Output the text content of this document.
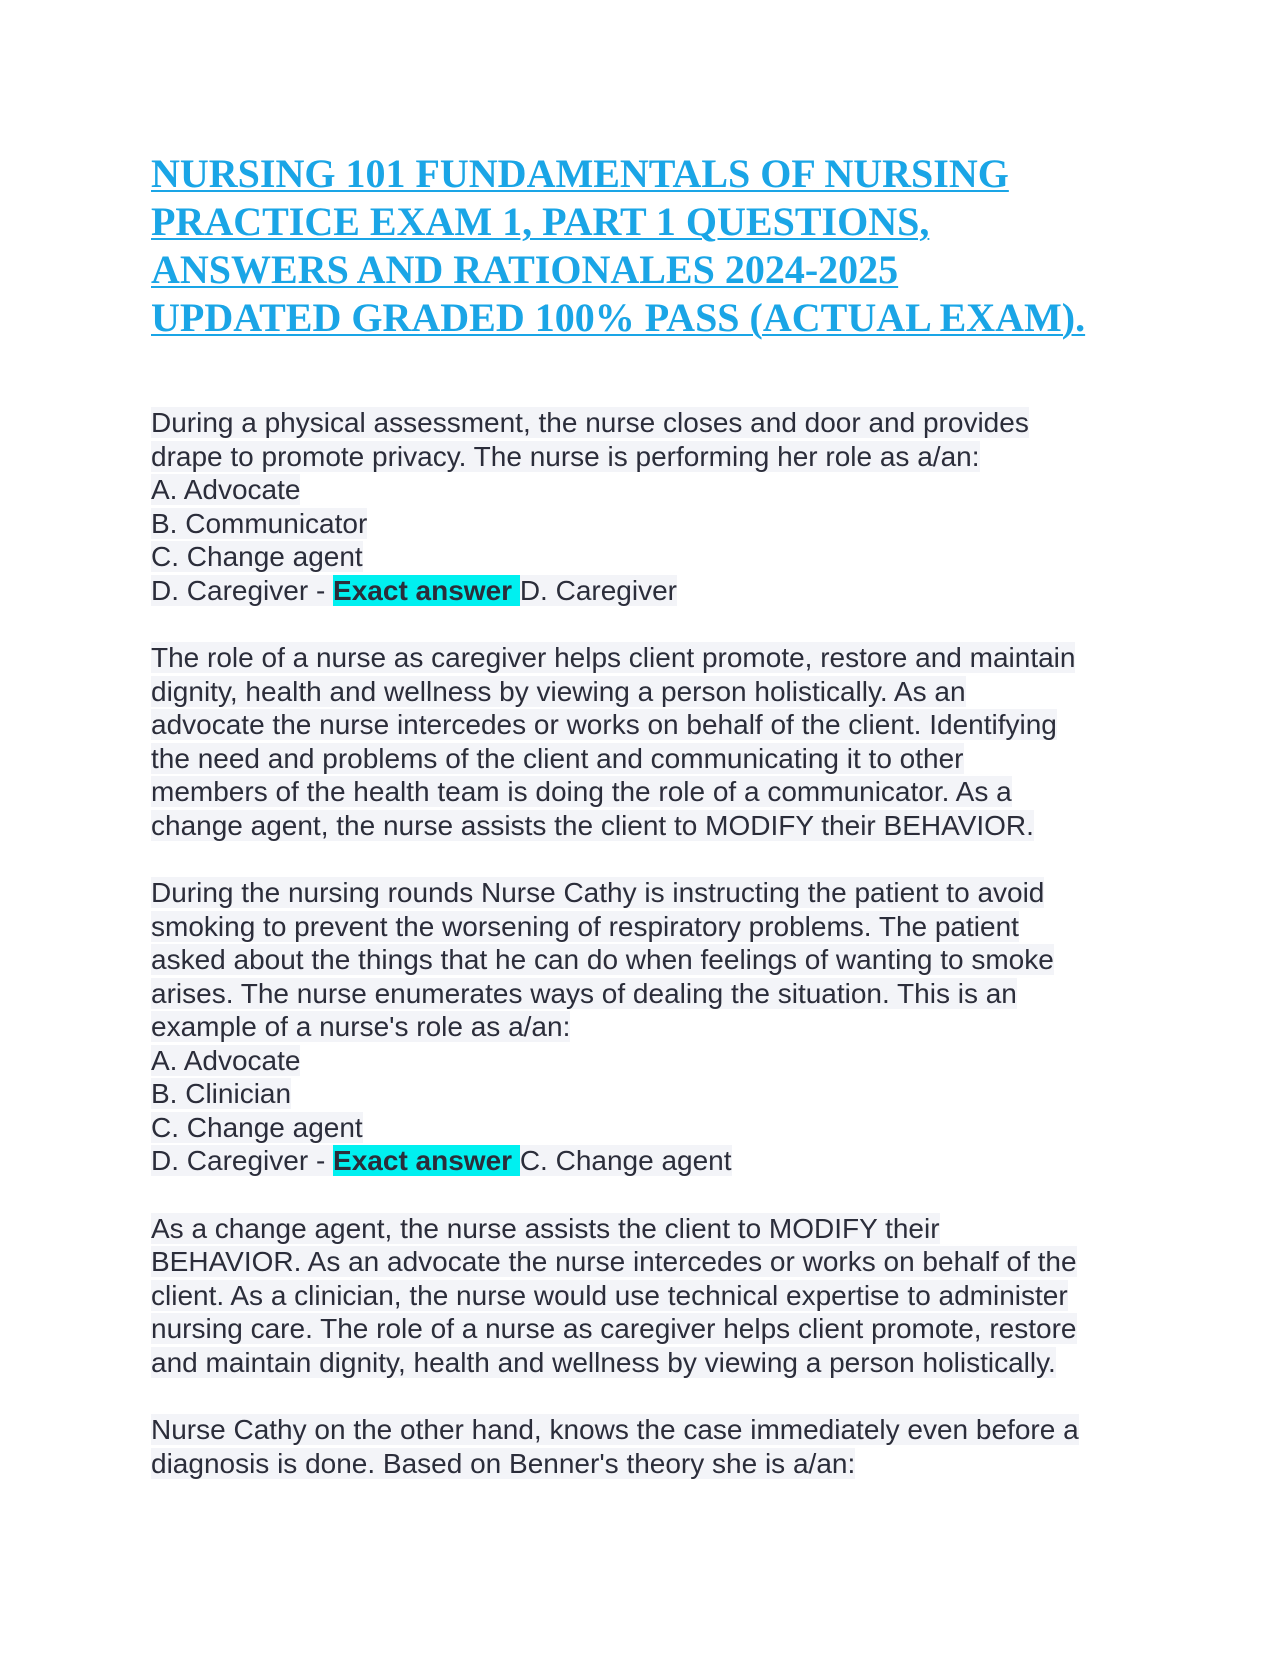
NURSING 101 FUNDAMENTALS OF NURSING
PRACTICE EXAM 1, PART 1 QUESTIONS,
ANSWERS AND RATIONALES 2024-2025
UPDATED GRADED 100% PASS (ACTUAL EXAM).
During a physical assessment, the nurse closes and door and provides
drape to promote privacy. The nurse is performing her role as a/an:
A. Advocate
B. Communicator
C. Change agent
D. Caregiver - Exact answer D. Caregiver
The role of a nurse as caregiver helps client promote, restore and maintain
dignity, health and wellness by viewing a person holistically. As an
advocate the nurse intercedes or works on behalf of the client. Identifying
the need and problems of the client and communicating it to other
members of the health team is doing the role of a communicator. As a
change agent, the nurse assists the client to MODIFY their BEHAVIOR.
During the nursing rounds Nurse Cathy is instructing the patient to avoid
smoking to prevent the worsening of respiratory problems. The patient
asked about the things that he can do when feelings of wanting to smoke
arises. The nurse enumerates ways of dealing the situation. This is an
example of a nurse's role as a/an:
A. Advocate
B. Clinician
C. Change agent
D. Caregiver - Exact answer C. Change agent
As a change agent, the nurse assists the client to MODIFY their
BEHAVIOR. As an advocate the nurse intercedes or works on behalf of the
client. As a clinician, the nurse would use technical expertise to administer
nursing care. The role of a nurse as caregiver helps client promote, restore
and maintain dignity, health and wellness by viewing a person holistically.
Nurse Cathy on the other hand, knows the case immediately even before a
diagnosis is done. Based on Benner's theory she is a/an:
